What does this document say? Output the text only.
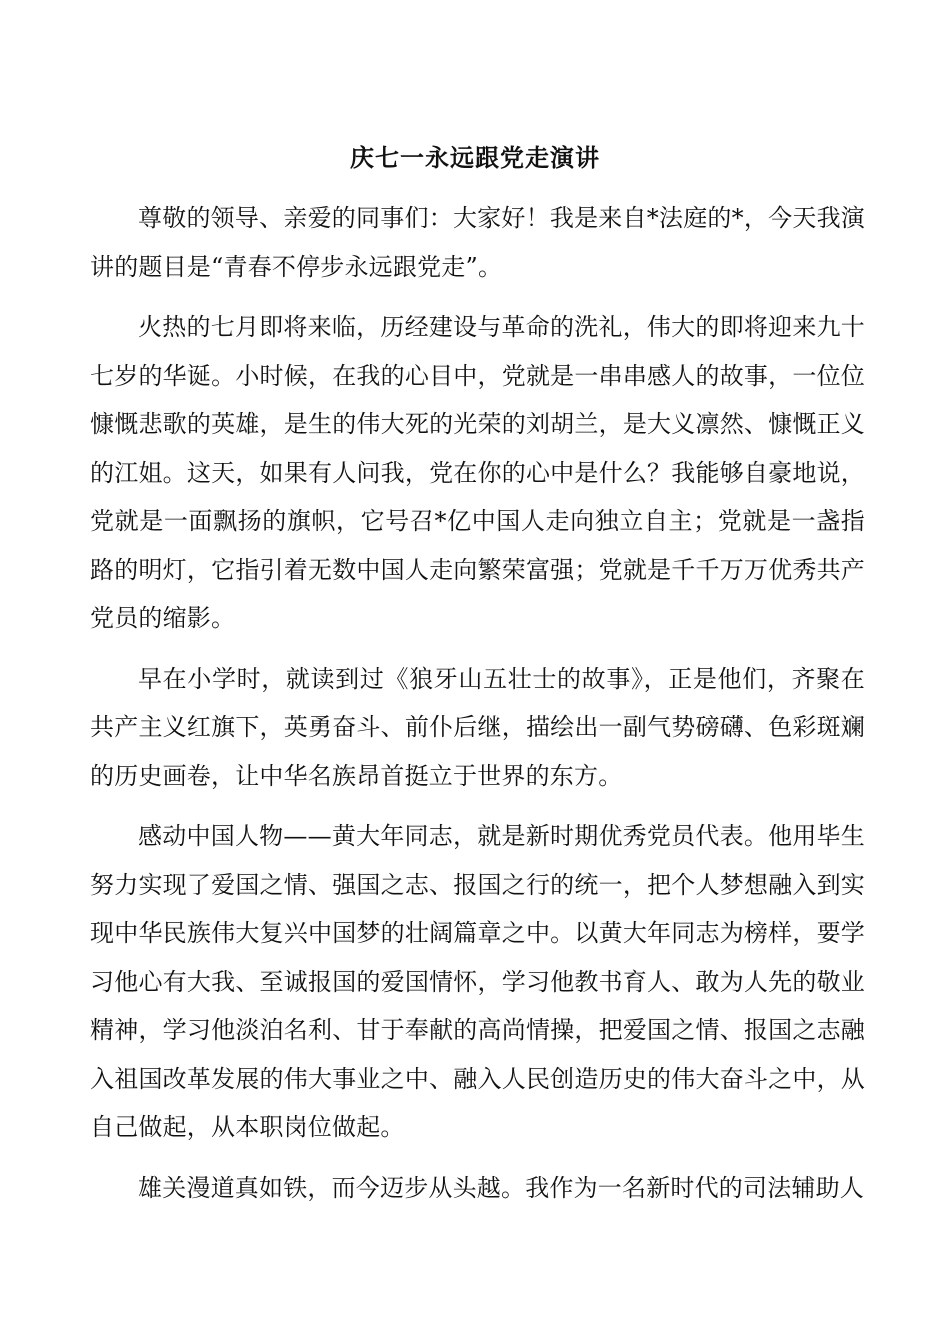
庆七一永远跟党走演讲

尊敬的领导、亲爱的同事们：大家好！我是来自*法庭的*，今天我演讲的题目是“青春不停步永远跟党走”。

火热的七月即将来临，历经建设与革命的洗礼，伟大的即将迎来九十七岁的华诞。小时候，在我的心目中，党就是一串串感人的故事，一位位慷慨悲歌的英雄，是生的伟大死的光荣的刘胡兰，是大义凛然、慷慨正义的江姐。这天，如果有人问我，党在你的心中是什么？我能够自豪地说，党就是一面飘扬的旗帜，它号召*亿中国人走向独立自主；党就是一盏指路的明灯，它指引着无数中国人走向繁荣富强；党就是千千万万优秀共产党员的缩影。

早在小学时，就读到过《狼牙山五壮士的故事》，正是他们，齐聚在共产主义红旗下，英勇奋斗、前仆后继，描绘出一副气势磅礴、色彩斑斓的历史画卷，让中华名族昂首挺立于世界的东方。

感动中国人物——黄大年同志，就是新时期优秀党员代表。他用毕生努力实现了爱国之情、强国之志、报国之行的统一，把个人梦想融入到实现中华民族伟大复兴中国梦的壮阔篇章之中。以黄大年同志为榜样，要学习他心有大我、至诚报国的爱国情怀，学习他教书育人、敢为人先的敬业精神，学习他淡泊名利、甘于奉献的高尚情操，把爱国之情、报国之志融入祖国改革发展的伟大事业之中、融入人民创造历史的伟大奋斗之中，从自己做起，从本职岗位做起。

雄关漫道真如铁，而今迈步从头越。我作为一名新时代的司法辅助人
